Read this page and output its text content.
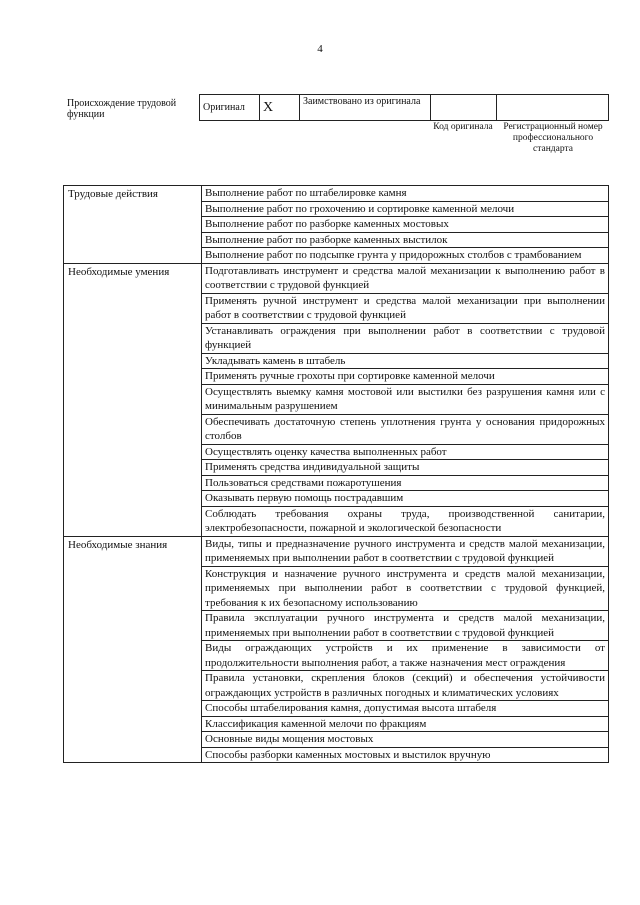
4
Происхождение трудовой функции
Оригинал	X	Заимствовано из оригинала		
Код оригинала	Регистрационный номер профессионального стандарта
Трудовые действия	Выполнение работ по штабелировке камня
	Выполнение работ по грохочению и сортировке каменной мелочи
	Выполнение работ по разборке каменных мостовых
	Выполнение работ по разборке каменных выстилок
	Выполнение работ по подсыпке грунта у придорожных столбов с трамбованием
Необходимые умения	Подготавливать инструмент и средства малой механизации к выполнению работ в соответствии с трудовой функцией
	Применять ручной инструмент и средства малой механизации при выполнении работ в соответствии с трудовой функцией
	Устанавливать ограждения при выполнении работ в соответствии с трудовой функцией
	Укладывать камень в штабель
	Применять ручные грохоты при сортировке каменной мелочи
	Осуществлять выемку камня мостовой или выстилки без разрушения камня или с минимальным разрушением
	Обеспечивать достаточную степень уплотнения грунта у основания придорожных столбов
	Осуществлять оценку качества выполненных работ
	Применять средства индивидуальной защиты
	Пользоваться средствами пожаротушения
	Оказывать первую помощь пострадавшим
	Соблюдать требования охраны труда, производственной санитарии, электробезопасности, пожарной и экологической безопасности
Необходимые знания	Виды, типы и предназначение ручного инструмента и средств малой механизации, применяемых при выполнении работ в соответствии с трудовой функцией
	Конструкция и назначение ручного инструмента и средств малой механизации, применяемых при выполнении работ в соответствии с трудовой функцией, требования к их безопасному использованию
	Правила эксплуатации ручного инструмента и средств малой механизации, применяемых при выполнении работ в соответствии с трудовой функцией
	Виды ограждающих устройств и их применение в зависимости от продолжительности выполнения работ, а также назначения мест ограждения
	Правила установки, скрепления блоков (секций) и обеспечения устойчивости ограждающих устройств в различных погодных и климатических условиях
	Способы штабелирования камня, допустимая высота штабеля
	Классификация каменной мелочи по фракциям
	Основные виды мощения мостовых
	Способы разборки каменных мостовых и выстилок вручную
